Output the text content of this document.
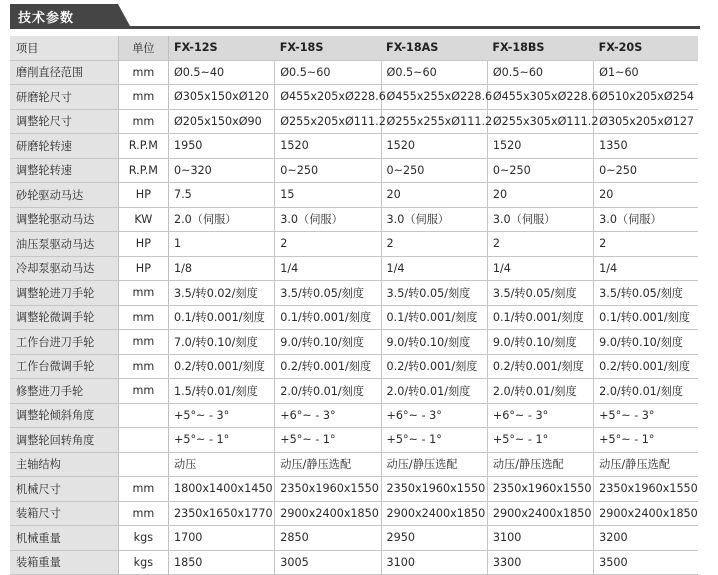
技术参数
项目	单位	FX-12S	FX-18S	FX-18AS	FX-18BS	FX-20S
磨削直径范围	mm	Ø0.5~40	Ø0.5~60	Ø0.5~60	Ø0.5~60	Ø1~60
研磨轮尺寸	mm	Ø305x150xØ120	Ø455x205xØ228.6	Ø455x255xØ228.6	Ø455x305xØ228.6	Ø510x205xØ254
调整轮尺寸	mm	Ø205x150xØ90	Ø255x205xØ111.2	Ø255x255xØ111.2	Ø255x305xØ111.2	Ø305x205xØ127
研磨轮转速	R.P.M	1950	1520	1520	1520	1350
调整轮转速	R.P.M	0~320	0~250	0~250	0~250	0~250
砂轮驱动马达	HP	7.5	15	20	20	20
调整轮驱动马达	KW	2.0（伺服）	3.0（伺服）	3.0（伺服）	3.0（伺服）	3.0（伺服）
油压泵驱动马达	HP	1	2	2	2	2
冷却泵驱动马达	HP	1/8	1/4	1/4	1/4	1/4
调整轮进刀手轮	mm	3.5/转0.02/刻度	3.5/转0.05/刻度	3.5/转0.05/刻度	3.5/转0.05/刻度	3.5/转0.05/刻度
调整轮微调手轮	mm	0.1/转0.001/刻度	0.1/转0.001/刻度	0.1/转0.001/刻度	0.1/转0.001/刻度	0.1/转0.001/刻度
工作台进刀手轮	mm	7.0/转0.10/刻度	9.0/转0.10/刻度	9.0/转0.10/刻度	9.0/转0.10/刻度	9.0/转0.10/刻度
工作台微调手轮	mm	0.2/转0.001/刻度	0.2/转0.001/刻度	0.2/转0.001/刻度	0.2/转0.001/刻度	0.2/转0.001/刻度
修整进刀手轮	mm	1.5/转0.01/刻度	2.0/转0.01/刻度	2.0/转0.01/刻度	2.0/转0.01/刻度	2.0/转0.01/刻度
调整轮倾斜角度		+5°~ - 3°	+6°~ - 3°	+6°~ - 3°	+6°~ - 3°	+5°~ - 3°
调整轮回转角度		+5°~ - 1°	+5°~ - 1°	+5°~ - 1°	+5°~ - 1°	+5°~ - 1°
主轴结构		动压	动压/静压选配	动压/静压选配	动压/静压选配	动压/静压选配
机械尺寸	mm	1800x1400x1450	2350x1960x1550	2350x1960x1550	2350x1960x1550	2350x1960x1550
装箱尺寸	mm	2350x1650x1770	2900x2400x1850	2900x2400x1850	2900x2400x1850	2900x2400x1850
机械重量	kgs	1700	2850	2950	3100	3200
装箱重量	kgs	1850	3005	3100	3300	3500
